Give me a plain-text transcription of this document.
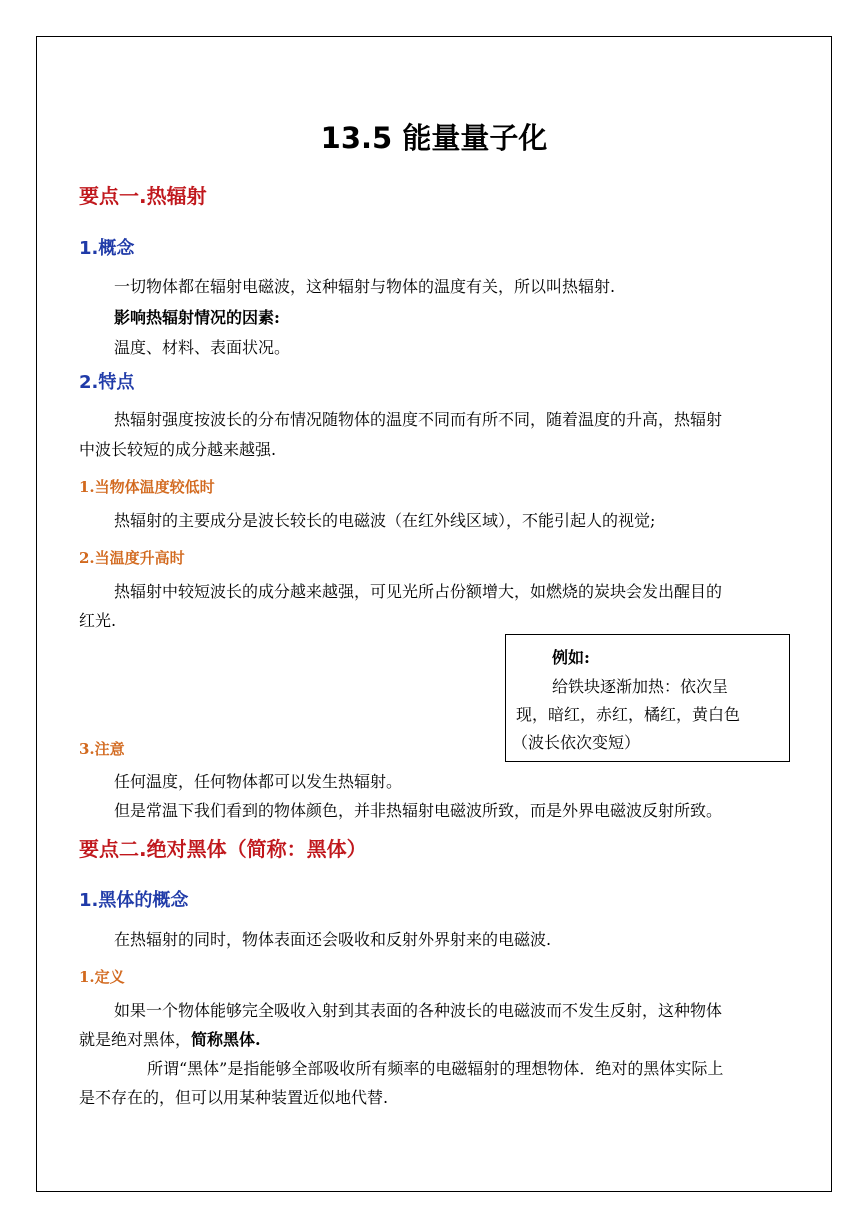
13.5 能量量子化
要点一.热辐射
1.概念
一切物体都在辐射电磁波，这种辐射与物体的温度有关，所以叫热辐射.
影响热辐射情况的因素:
温度、材料、表面状况。
2.特点
热辐射强度按波长的分布情况随物体的温度不同而有所不同，随着温度的升高，热辐射
中波长较短的成分越来越强.
1.当物体温度较低时
热辐射的主要成分是波长较长的电磁波（在红外线区域），不能引起人的视觉;
2.当温度升高时
热辐射中较短波长的成分越来越强，可见光所占份额增大，如燃烧的炭块会发出醒目的
红光.
例如:
给铁块逐渐加热：依次呈
现，暗红，赤红，橘红，黄白色
（波长依次变短）
3.注意
任何温度，任何物体都可以发生热辐射。
但是常温下我们看到的物体颜色，并非热辐射电磁波所致，而是外界电磁波反射所致。
要点二.绝对黑体（简称：黑体）
1.黑体的概念
在热辐射的同时，物体表面还会吸收和反射外界射来的电磁波.
1.定义
如果一个物体能够完全吸收入射到其表面的各种波长的电磁波而不发生反射，这种物体
就是绝对黑体，简称黑体.
所谓“黑体”是指能够全部吸收所有频率的电磁辐射的理想物体．绝对的黑体实际上
是不存在的，但可以用某种装置近似地代替.
